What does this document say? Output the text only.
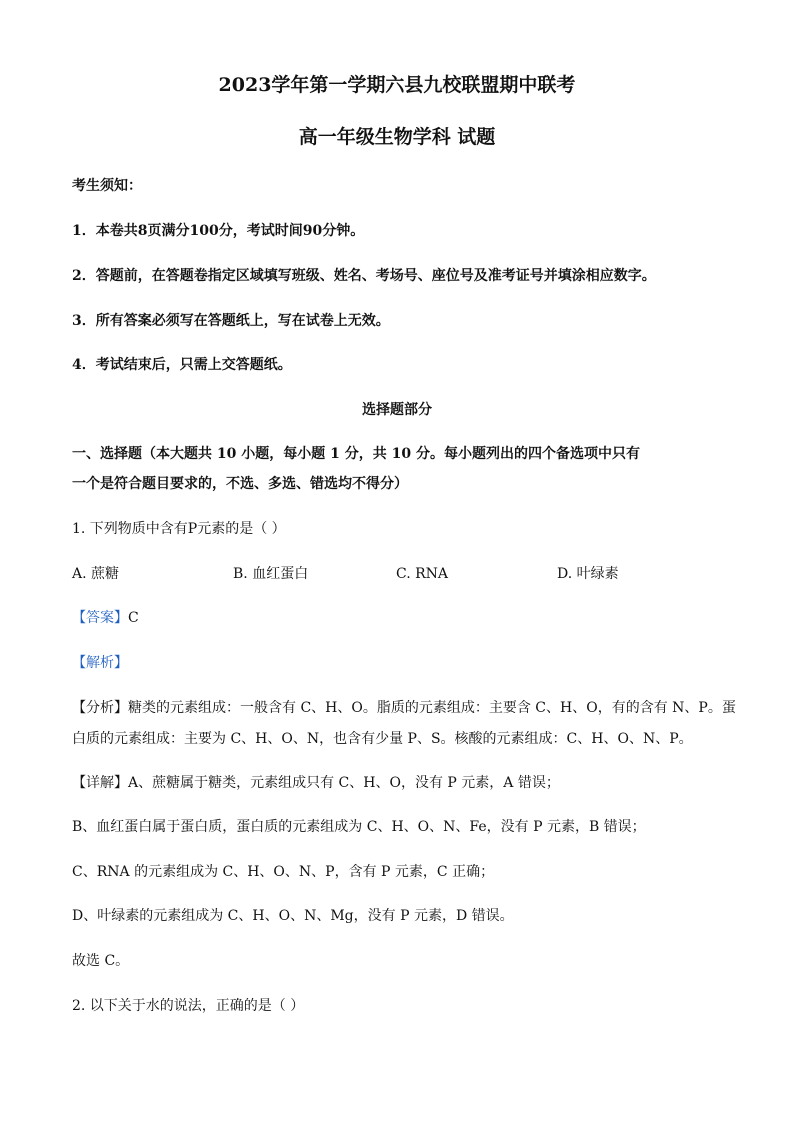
2023学年第一学期六县九校联盟期中联考
高一年级生物学科 试题
考生须知：
1．本卷共8页满分100分，考试时间90分钟。
2．答题前，在答题卷指定区域填写班级、姓名、考场号、座位号及准考证号并填涂相应数字。
3．所有答案必须写在答题纸上，写在试卷上无效。
4．考试结束后，只需上交答题纸。
选择题部分
一、选择题（本大题共 10 小题，每小题 1 分，共 10 分。每小题列出的四个备选项中只有
一个是符合题目要求的，不选、多选、错选均不得分）
1. 下列物质中含有P元素的是（ ）
A. 蔗糖	B. 血红蛋白	C. RNA	D. 叶绿素
【答案】C
【解析】
【分析】糖类的元素组成：一般含有 C、H、O。脂质的元素组成：主要含 C、H、O，有的含有 N、P。蛋
白质的元素组成：主要为 C、H、O、N，也含有少量 P、S。核酸的元素组成：C、H、O、N、P。
【详解】A、蔗糖属于糖类，元素组成只有 C、H、O，没有 P 元素，A 错误；
B、血红蛋白属于蛋白质，蛋白质的元素组成为 C、H、O、N、Fe，没有 P 元素，B 错误；
C、RNA 的元素组成为 C、H、O、N、P，含有 P 元素，C 正确；
D、叶绿素的元素组成为 C、H、O、N、Mg，没有 P 元素，D 错误。
故选 C。
2. 以下关于水的说法，正确的是（ ）
